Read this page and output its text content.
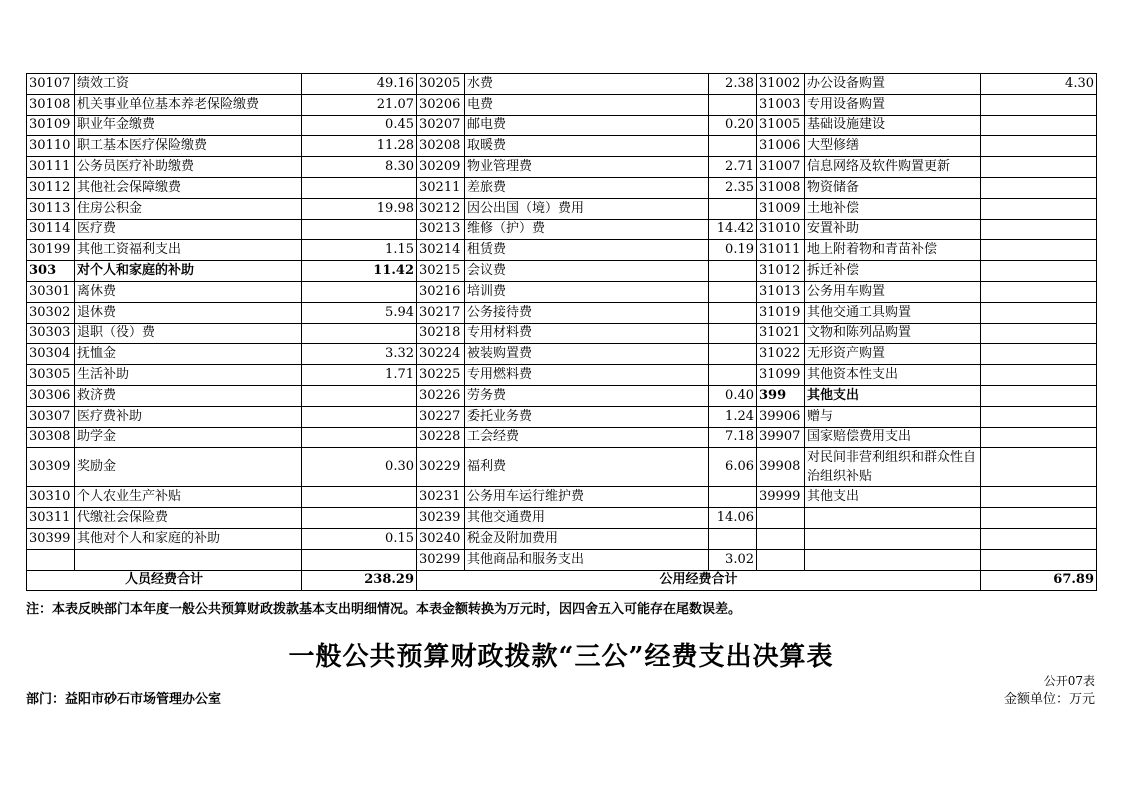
30107	绩效工资	49.16	30205	水费	2.38	31002	办公设备购置	4.30
30108	机关事业单位基本养老保险缴费	21.07	30206	电费		31003	专用设备购置	
30109	职业年金缴费	0.45	30207	邮电费	0.20	31005	基础设施建设	
30110	职工基本医疗保险缴费	11.28	30208	取暖费		31006	大型修缮	
30111	公务员医疗补助缴费	8.30	30209	物业管理费	2.71	31007	信息网络及软件购置更新	
30112	其他社会保障缴费		30211	差旅费	2.35	31008	物资储备	
30113	住房公积金	19.98	30212	因公出国（境）费用		31009	土地补偿	
30114	医疗费		30213	维修（护）费	14.42	31010	安置补助	
30199	其他工资福利支出	1.15	30214	租赁费	0.19	31011	地上附着物和青苗补偿	
303	对个人和家庭的补助	11.42	30215	会议费		31012	拆迁补偿	
30301	离休费		30216	培训费		31013	公务用车购置	
30302	退休费	5.94	30217	公务接待费		31019	其他交通工具购置	
30303	退职（役）费		30218	专用材料费		31021	文物和陈列品购置	
30304	抚恤金	3.32	30224	被装购置费		31022	无形资产购置	
30305	生活补助	1.71	30225	专用燃料费		31099	其他资本性支出	
30306	救济费		30226	劳务费	0.40	399	其他支出	
30307	医疗费补助		30227	委托业务费	1.24	39906	赠与	
30308	助学金		30228	工会经费	7.18	39907	国家赔偿费用支出	
30309	奖励金	0.30	30229	福利费	6.06	39908	对民间非营利组织和群众性自治组织补贴	
30310	个人农业生产补贴		30231	公务用车运行维护费		39999	其他支出	
30311	代缴社会保险费		30239	其他交通费用	14.06			
30399	其他对个人和家庭的补助	0.15	30240	税金及附加费用				
			30299	其他商品和服务支出	3.02			
人员经费合计		238.29	公用经费合计					67.89
注：本表反映部门本年度一般公共预算财政拨款基本支出明细情况。本表金额转换为万元时，因四舍五入可能存在尾数误差。
一般公共预算财政拨款“三公”经费支出决算表
公开07表
部门：益阳市砂石市场管理办公室	金额单位：万元
